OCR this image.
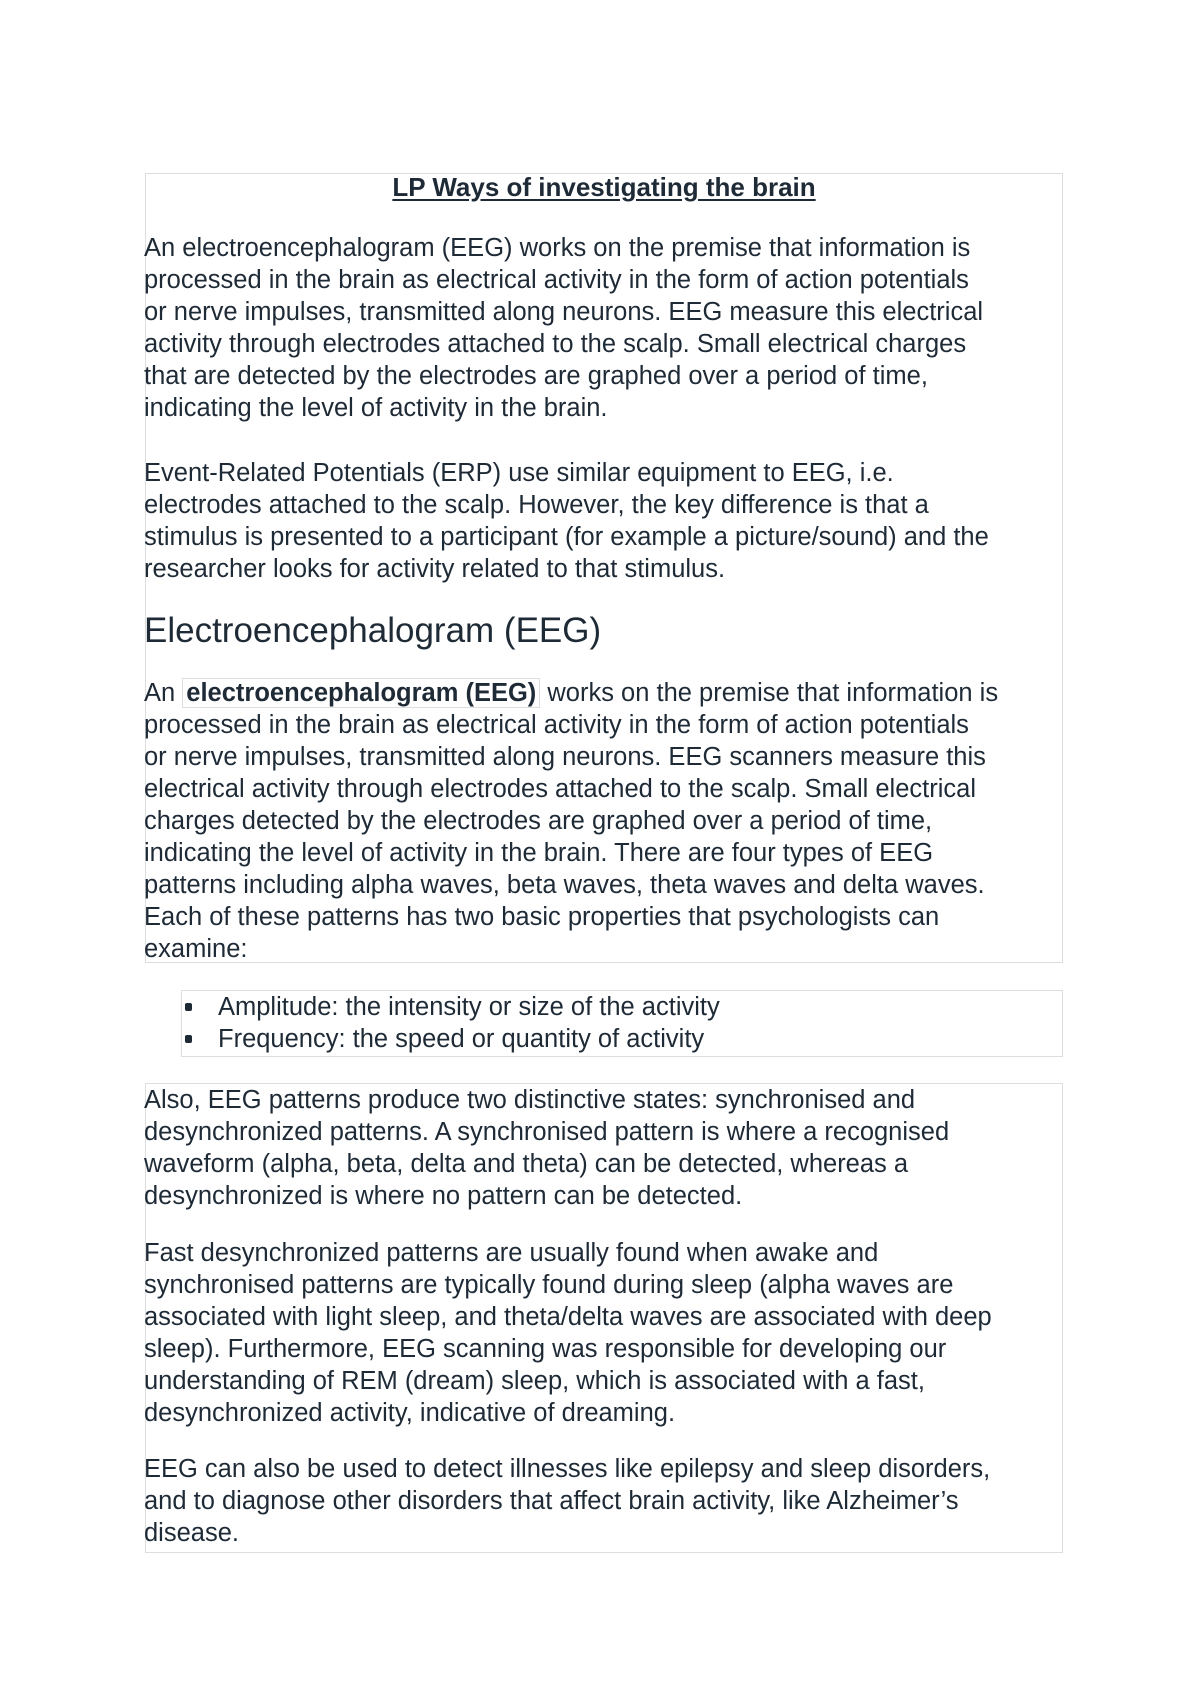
LP Ways of investigating the brain

An electroencephalogram (EEG) works on the premise that information is
processed in the brain as electrical activity in the form of action potentials
or nerve impulses, transmitted along neurons. EEG measure this electrical
activity through electrodes attached to the scalp. Small electrical charges
that are detected by the electrodes are graphed over a period of time,
indicating the level of activity in the brain.

Event-Related Potentials (ERP) use similar equipment to EEG, i.e.
electrodes attached to the scalp. However, the key difference is that a
stimulus is presented to a participant (for example a picture/sound) and the
researcher looks for activity related to that stimulus.

Electroencephalogram (EEG)

An electroencephalogram (EEG) works on the premise that information is
processed in the brain as electrical activity in the form of action potentials
or nerve impulses, transmitted along neurons. EEG scanners measure this
electrical activity through electrodes attached to the scalp. Small electrical
charges detected by the electrodes are graphed over a period of time,
indicating the level of activity in the brain. There are four types of EEG
patterns including alpha waves, beta waves, theta waves and delta waves.
Each of these patterns has two basic properties that psychologists can
examine:

Amplitude: the intensity or size of the activity
Frequency: the speed or quantity of activity

Also, EEG patterns produce two distinctive states: synchronised and
desynchronized patterns. A synchronised pattern is where a recognised
waveform (alpha, beta, delta and theta) can be detected, whereas a
desynchronized is where no pattern can be detected.

Fast desynchronized patterns are usually found when awake and
synchronised patterns are typically found during sleep (alpha waves are
associated with light sleep, and theta/delta waves are associated with deep
sleep). Furthermore, EEG scanning was responsible for developing our
understanding of REM (dream) sleep, which is associated with a fast,
desynchronized activity, indicative of dreaming.

EEG can also be used to detect illnesses like epilepsy and sleep disorders,
and to diagnose other disorders that affect brain activity, like Alzheimer’s
disease.
